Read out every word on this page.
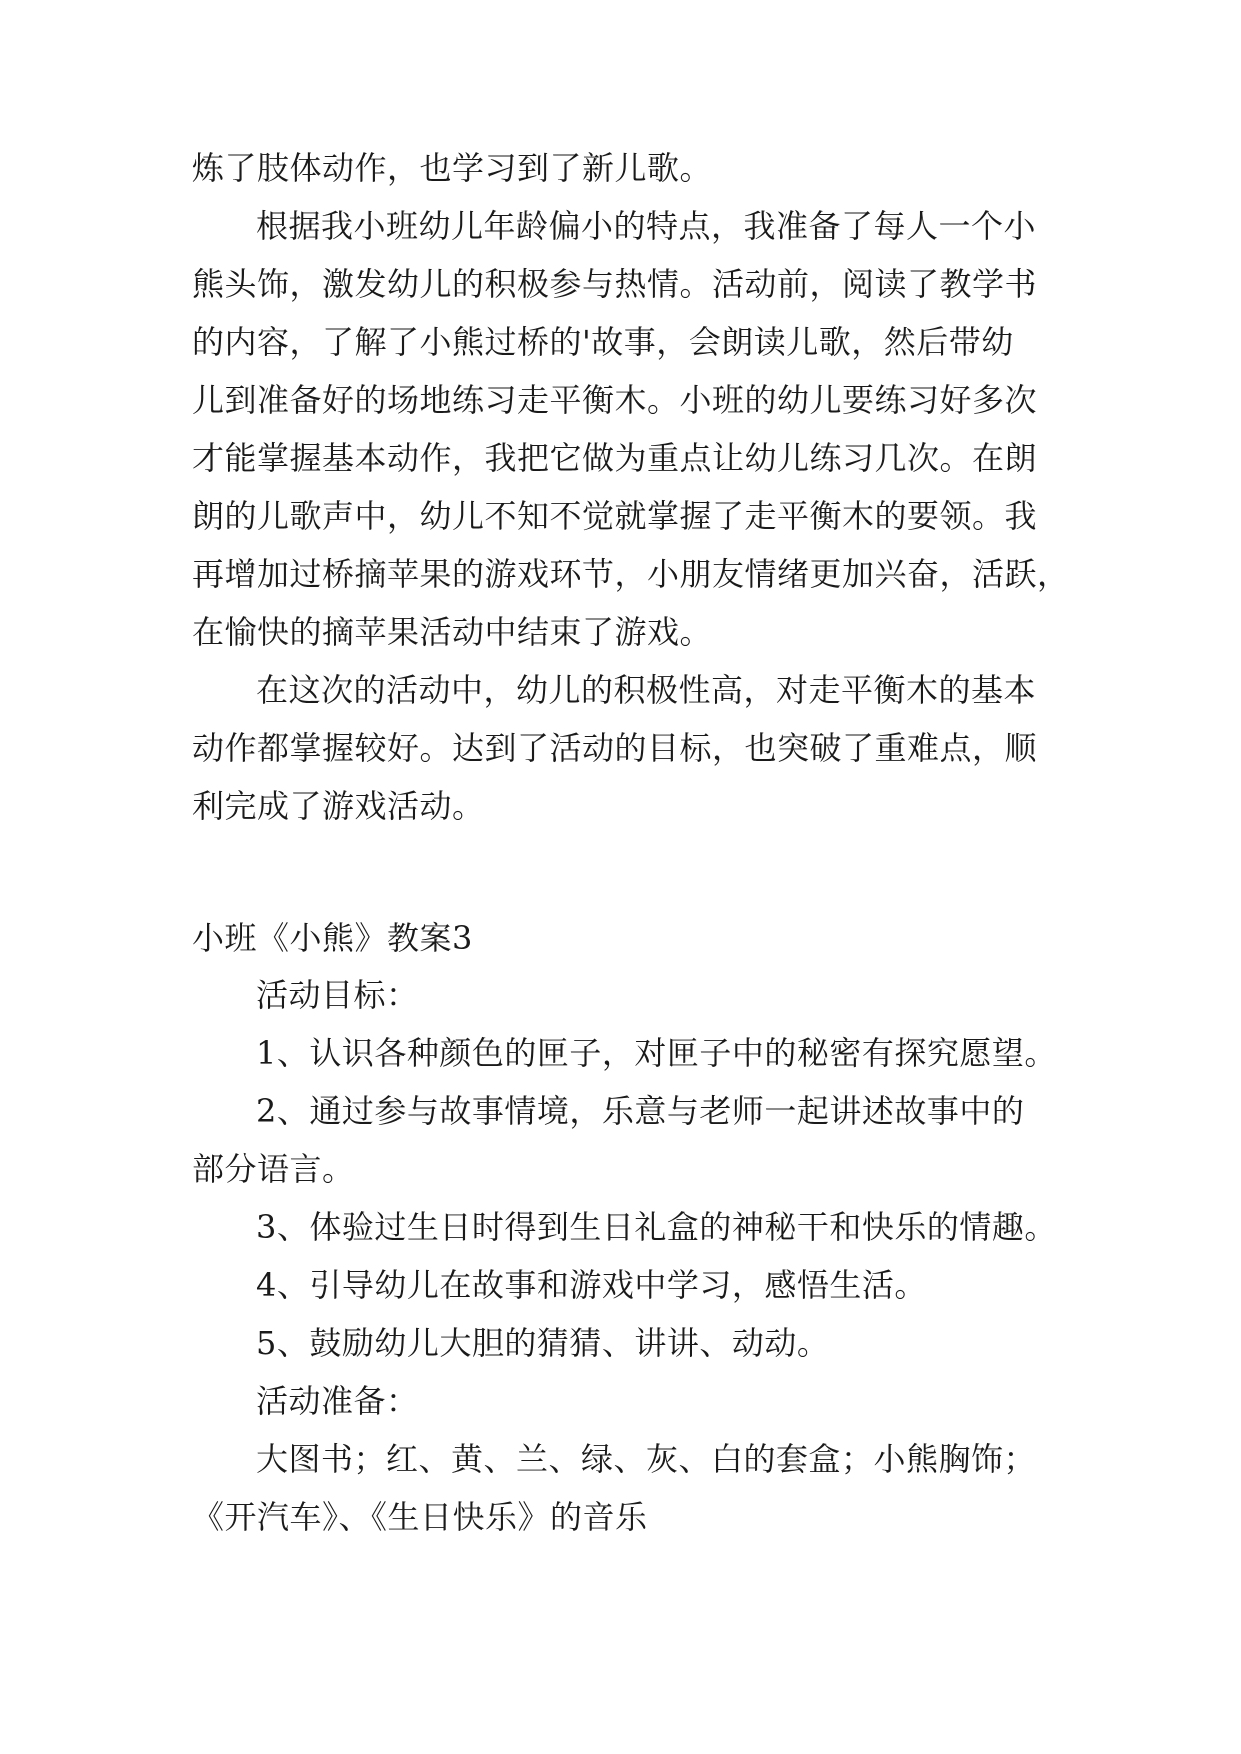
炼了肢体动作，也学习到了新儿歌。
根据我小班幼儿年龄偏小的特点，我准备了每人一个小
熊头饰，激发幼儿的积极参与热情。活动前，阅读了教学书
的内容，了解了小熊过桥的'故事，会朗读儿歌，然后带幼
儿到准备好的场地练习走平衡木。小班的幼儿要练习好多次
才能掌握基本动作，我把它做为重点让幼儿练习几次。在朗
朗的儿歌声中，幼儿不知不觉就掌握了走平衡木的要领。我
再增加过桥摘苹果的游戏环节，小朋友情绪更加兴奋，活跃，
在愉快的摘苹果活动中结束了游戏。
在这次的活动中，幼儿的积极性高，对走平衡木的基本
动作都掌握较好。达到了活动的目标，也突破了重难点，顺
利完成了游戏活动。
小班《小熊》教案3
活动目标：
1、认识各种颜色的匣子，对匣子中的秘密有探究愿望。
2、通过参与故事情境，乐意与老师一起讲述故事中的
部分语言。
3、体验过生日时得到生日礼盒的神秘干和快乐的情趣。
4、引导幼儿在故事和游戏中学习，感悟生活。
5、鼓励幼儿大胆的猜猜、讲讲、动动。
活动准备：
大图书；红、黄、兰、绿、灰、白的套盒；小熊胸饰；
《开汽车》、《生日快乐》的音乐
